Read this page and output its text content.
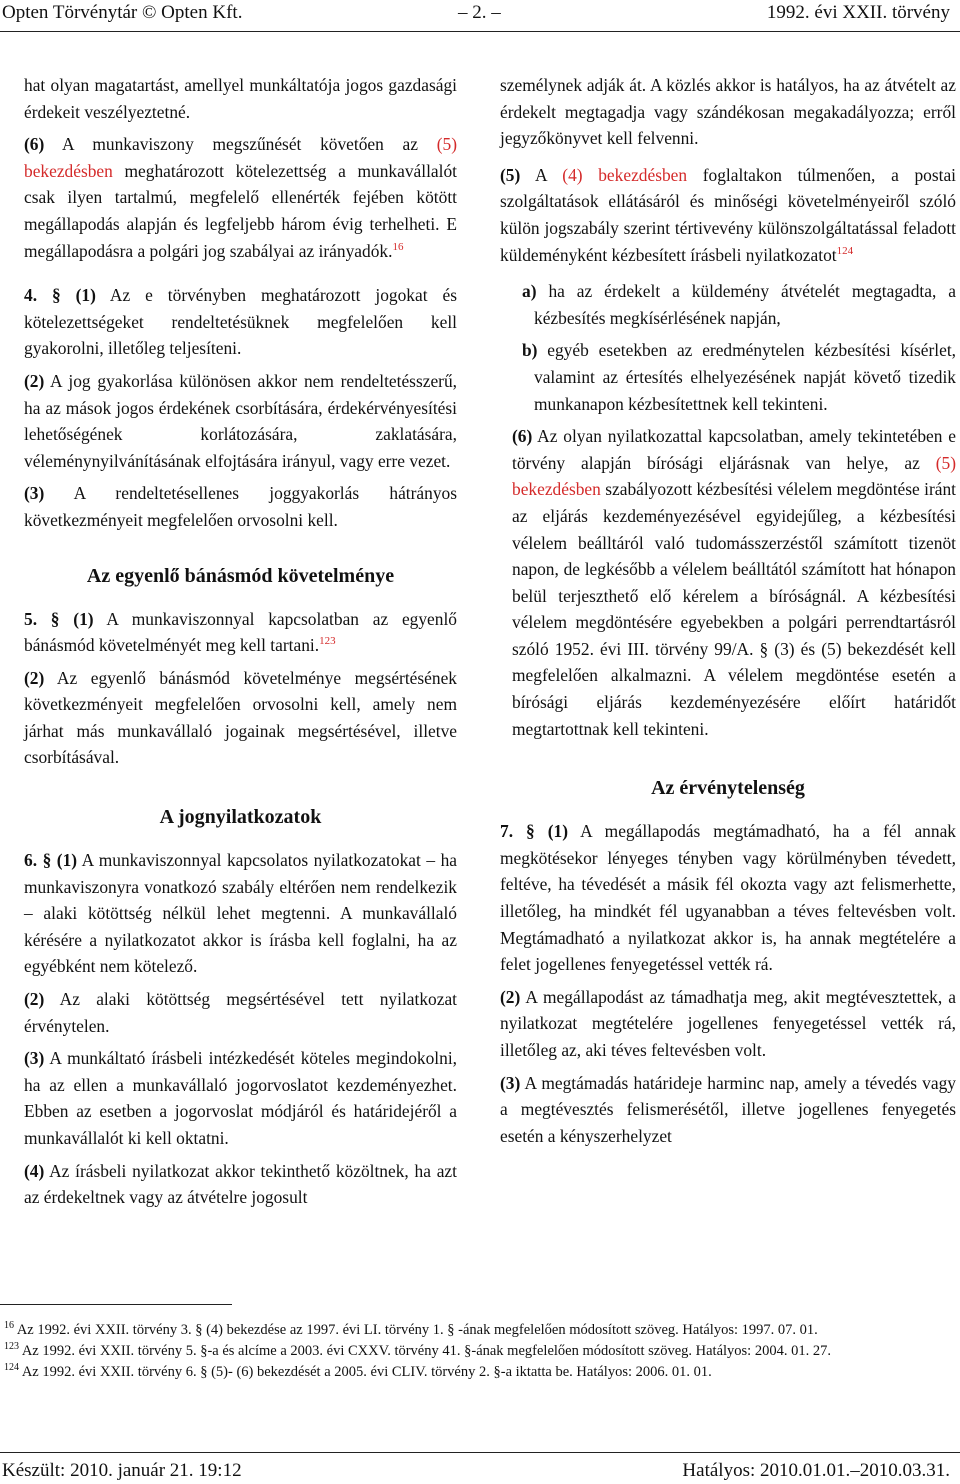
Opten Törvénytár © Opten Kft.	– 2. –	1992. évi XXII. törvény

hat olyan magatartást, amellyel munkáltatója jogos gazdasági érdekeit veszélyeztetné.

(6) A munkaviszony megszűnését követően az (5) bekezdésben meghatározott kötelezettség a munkavállalót csak ilyen tartalmú, megfelelő ellenérték fejében kötött megállapodás alapján és legfeljebb három évig terhelheti. E megállapodásra a polgári jog szabályai az irányadók.$^{16}$

4. § (1) Az e törvényben meghatározott jogokat és kötelezettségeket rendeltetésüknek megfelelően kell gyakorolni, illetőleg teljesíteni.

(2) A jog gyakorlása különösen akkor nem rendeltetésszerű, ha az mások jogos érdekének csorbítására, érdekérvényesítési lehetőségének korlátozására, zaklatására, véleménynyilvánításának elfojtására irányul, vagy erre vezet.

(3) A rendeltetésellenes joggyakorlás hátrányos következményeit megfelelően orvosolni kell.

Az egyenlő bánásmód követelménye

5. § (1) A munkaviszonnyal kapcsolatban az egyenlő bánásmód követelményét meg kell tartani.$^{123}$

(2) Az egyenlő bánásmód követelménye megsértésének következményeit megfelelően orvosolni kell, amely nem járhat más munkavállaló jogainak megsértésével, illetve csorbításával.

A jognyilatkozatok

6. § (1) A munkaviszonnyal kapcsolatos nyilatkozatokat – ha munkaviszonyra vonatkozó szabály eltérően nem rendelkezik – alaki kötöttség nélkül lehet megtenni. A munkavállaló kérésére a nyilatkozatot akkor is írásba kell foglalni, ha az egyébként nem kötelező.

(2) Az alaki kötöttség megsértésével tett nyilatkozat érvénytelen.

(3) A munkáltató írásbeli intézkedését köteles megindokolni, ha az ellen a munkavállaló jogorvoslatot kezdeményezhet. Ebben az esetben a jogorvoslat módjáról és határidejéről a munkavállalót ki kell oktatni.

(4) Az írásbeli nyilatkozat akkor tekinthető közöltnek, ha azt az érdekeltnek vagy az átvételre jogosult

személynek adják át. A közlés akkor is hatályos, ha az átvételt az érdekelt megtagadja vagy szándékosan megakadályozza; erről jegyzőkönyvet kell felvenni.

(5) A (4) bekezdésben foglaltakon túlmenően, a postai szolgáltatások ellátásáról és minőségi követelményeiről szóló külön jogszabály szerint tértivevény különszolgáltatással feladott küldeményként kézbesített írásbeli nyilatkozatot$^{124}$

a) ha az érdekelt a küldemény átvételét megtagadta, a kézbesítés megkísérlésének napján,

b) egyéb esetekben az eredménytelen kézbesítési kísérlet, valamint az értesítés elhelyezésének napját követő tizedik munkanapon kézbesítettnek kell tekinteni.

(6) Az olyan nyilatkozattal kapcsolatban, amely tekintetében e törvény alapján bírósági eljárásnak van helye, az (5) bekezdésben szabályozott kézbesítési vélelem megdöntése iránt az eljárás kezdeményezésével egyidejűleg, a kézbesítési vélelem beálltáról való tudomásszerzéstől számított tizenöt napon, de legkésőbb a vélelem beálltától számított hat hónapon belül terjeszthető elő kérelem a bíróságnál. A kézbesítési vélelem megdöntésére egyebekben a polgári perrendtartásról szóló 1952. évi III. törvény 99/A. § (3) és (5) bekezdését kell megfelelően alkalmazni. A vélelem megdöntése esetén a bírósági eljárás kezdeményezésére előírt határidőt megtartottnak kell tekinteni.

Az érvénytelenség

7. § (1) A megállapodás megtámadható, ha a fél annak megkötésekor lényeges tényben vagy körülményben tévedett, feltéve, ha tévedését a másik fél okozta vagy azt felismerhette, illetőleg, ha mindkét fél ugyanabban a téves feltevésben volt. Megtámadható a nyilatkozat akkor is, ha annak megtételére a felet jogellenes fenyegetéssel vették rá.

(2) A megállapodást az támadhatja meg, akit megtévesztettek, a nyilatkozat megtételére jogellenes fenyegetéssel vették rá, illetőleg az, aki téves feltevésben volt.

(3) A megtámadás határideje harminc nap, amely a tévedés vagy a megtévesztés felismerésétől, illetve jogellenes fenyegetés esetén a kényszerhelyzet

$^{16}$ Az 1992. évi XXII. törvény 3. § (4) bekezdése az 1997. évi LI. törvény 1. § -ának megfelelően módosított szöveg. Hatályos: 1997. 07. 01.

$^{123}$ Az 1992. évi XXII. törvény 5. §-a és alcíme a 2003. évi CXXV. törvény 41. §-ának megfelelően módosított szöveg. Hatályos: 2004. 01. 27.

$^{124}$ Az 1992. évi XXII. törvény 6. § (5)- (6) bekezdését a 2005. évi CLIV. törvény 2. §-a iktatta be. Hatályos: 2006. 01. 01.

Készült: 2010. január 21. 19:12	Hatályos: 2010.01.01.–2010.03.31.
